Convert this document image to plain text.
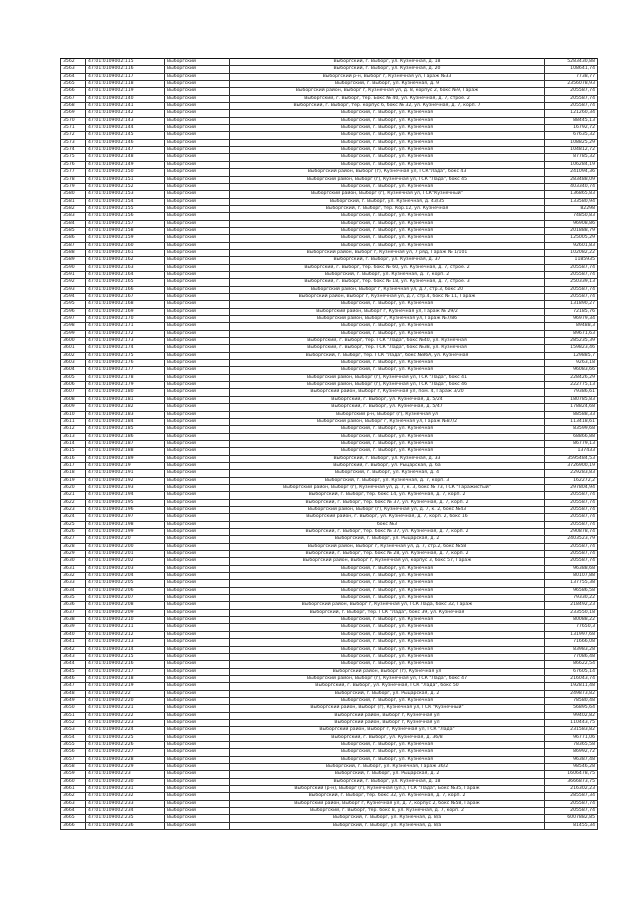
3562	47:01:0109002:115	Выборгский	Выборгский, г. Выборг, ул. Кузнечная, д. 18	5283430,88
3563	47:01:0109002:116	Выборгский	Выборгский, г. Выборг, ул. Кузнечная, д. 20	108641,74
3564	47:01:0109002:117	Выборгский	Выборгский р-н, Выборг г, Кузнечная ул, Гараж №33	7738,77
3565	47:01:0109002:118	Выборгский	Выборгский, г. Выборг, ул. Кузнечная, д. 9	2356078,93
3566	47:01:0109002:119	Выборгский	Выборгский район, Выборг г, Кузнечная ул, д. 8, корпус 2, бокс №9, Гараж	205587,74
3567	47:01:0109002:140	Выборгский	Выборгский, г. Выборг, тер. Бокс № 40, ул. Кузнечная, д. 7, строе. 2	205587,74
3568	47:01:0109002:141	Выборгский	Выборгский, г. Выборг, тер. корпус 6, бокс № 32, ул. Кузнечная, д. 7, корп. 7	205587,74
3569	47:01:0109002:142	Выборгский	Выборгский, г. Выборг, ул. Кузнечная	121260,34
3570	47:01:0109002:143	Выборгский	Выборгский, г. Выборг, ул. Кузнечная	88445,13
3571	47:01:0109002:144	Выборгский	Выборгский, г. Выборг, ул. Кузнечная	16792,72
3572	47:01:0109002:145	Выборгский	Выборгский, г. Выборг, ул. Кузнечная	67635,32
3573	47:01:0109002:146	Выборгский	Выборгский, г. Выборг, ул. Кузнечная	108825,29
3574	47:01:0109002:147	Выборгский	Выборгский, г. Выборг, ул. Кузнечная	104812,72
3575	47:01:0109002:148	Выборгский	Выборгский, г. Выборг, ул. Кузнечная	87785,32
3576	47:01:0109002:149	Выборгский	Выборгский, г. Выборг, ул. Кузнечная	106284,19
3577	47:01:0109002:150	Выборгский	Выборгский район, Выборг (г), Кузнечная ул, ГСК"Лада", бокс 43	241094,36
3578	47:01:0109002:151	Выборгский	Выборгский район, Выборг (г), Кузнечная ул, ГСК "Лада", бокс 45	283488,09
3579	47:01:0109002:152	Выборгский	Выборгский, г. Выборг, ул. Кузнечная	403340,74
3580	47:01:0109002:153	Выборгский	Выборгский район, Выборг (г), Кузнечная ул, ГСК"Кузнечный"	136865,83
3581	47:01:0109002:154	Выборгский	Выборгский, г. Выборг, ул. Кузнечная, д. 43/35	133580,94
3582	47:01:0109002:155	Выборгский	Выборгский, г. Выборг, тер. Кор.12, ул. Кузнечная	82298
3583	47:01:0109002:156	Выборгский	Выборгский, г. Выборг, ул. Кузнечная	74850,83
3584	47:01:0109002:157	Выборгский	Выборгский, г. Выборг, ул. Кузнечная	96908,86
3585	47:01:0109002:158	Выборгский	Выборгский, г. Выборг, ул. Кузнечная	201888,79
3586	47:01:0109002:159	Выборгский	Выборгский, г. Выборг, ул. Кузнечная	125005,29
3587	47:01:0109002:160	Выборгский	Выборгский, г. Выборг, ул. Кузнечная	92601,83
3588	47:01:0109002:161	Выборгский	Выборгский район, Выборг г, Кузнечная ул, 7 ряд, Гараж № 1/101	102082,22
3589	47:01:0109002:162	Выборгский	Выборгский, г. Выборг, ул. Кузнечная, д. 37	1185935
3590	47:01:0109002:163	Выборгский	Выборгский, г. Выборг, тер. бокс № 60, ул. Кузнечная, д. 7, строе. 2	205587,74
3591	47:01:0109002:164	Выборгский	Выборгский, г. Выборг, ул. Кузнечная, д. 7, корп. 2	205587,74
3592	47:01:0109002:165	Выборгский	Выборгский, г. Выборг, тер. бокс № 18, ул. Кузнечная, д. 7, строе. 3	250339,13
3593	47:01:0109002:166	Выборгский	Выборгский район, Выборг г, Кузнечная ул, д.7, стр.3, бокс 20	205587,74
3594	47:01:0109002:167	Выборгский	Выборгский район, Выборг г, Кузнечная ул, д.7, стр.4, бокс № 11, Гараж	205587,74
3595	47:01:0109002:168	Выборгский	Выборгский, г. Выборг, ул. Кузнечная	131890,27
3596	47:01:0109002:169	Выборгский	Выборгский район, Выборг г, Кузнечная ул, Гараж № 29/2	72185,76
3597	47:01:0109002:170	Выборгский	Выборгский район, Выборг г, Кузнечная ул, Гараж №7/86	96979,34
3598	47:01:0109002:171	Выборгский	Выборгский, г. Выборг, ул. Кузнечная	89488,3
3599	47:01:0109002:172	Выборгский	Выборгский, г. Выборг, ул. Кузнечная	89671,63
3600	47:01:0109002:173	Выборгский	Выборгский, г. Выборг, тер. ГСК "Лада", бокс №40, ул. Кузнечная	285235,39
3601	47:01:0109002:174	Выборгский	Выборгский, г. Выборг, тер. ГСК "Лада", бокс №38, ул. Кузнечная	159823,46
3602	47:01:0109002:175	Выборгский	Выборгский, г. Выборг, тер. ГСК "Лада", бокс №86А, ул. Кузнечная	129885,7
3603	47:01:0109002:176	Выборгский	Выборгский, г. Выборг, ул. Кузнечная	9263,18
3604	47:01:0109002:177	Выборгский	Выборгский, г. Выборг, ул. Кузнечная	96083,66
3605	47:01:0109002:178	Выборгский	Выборгский район, Выборг (г), Кузнечная ул, ГСК "Лада", бокс 41	228426,29
3606	47:01:0109002:179	Выборгский	Выборгский район, Выборг (г), Кузнечная ул, ГСК "Лада", бокс 46	222775,13
3607	47:01:0109002:180	Выборгский	Выборгский район, Выборг г, Кузнечная ул, пом. 4, Гараж 3/20	79386,61
3608	47:01:0109002:181	Выборгский	Выборгский, г. Выборг, ул. Кузнечная, д. 5/24	180785,83
3609	47:01:0109002:182	Выборгский	Выборгский, г. Выборг, ул. Кузнечная, д. 5/47	178824,68
3610	47:01:0109002:183	Выборгский	Выборгский р-н, Выборг (г), Кузнечная ул	88588,33
3611	47:01:0109002:184	Выборгский	Выборгский район, Выборг г, Кузнечная ул, Гараж №87/2	113418,61
3612	47:01:0109002:185	Выборгский	Выборгский, г. Выборг, ул. Кузнечная	83599,68
3613	47:01:0109002:186	Выборгский	Выборгский, г. Выборг, ул. Кузнечная	68866,88
3614	47:01:0109002:187	Выборгский	Выборгский, г. Выборг, ул. Кузнечная	86779,13
3615	47:01:0109002:188	Выборгский	Выборгский, г. Выборг, ул. Кузнечная	137433
3616	47:01:0109002:189	Выборгский	Выборгский, г. Выборг, ул. Кузнечная, д. 33	3595484,53
3617	47:01:0109002:19	Выборгский	Выборгский, г. Выборг, ул. Рыцарская, д. 6а	3726900,19
3618	47:01:0109002:191	Выборгский	Выборгский, г. Выборг, ул. Кузнечная, д. 4	229283,83
3619	47:01:0109002:192	Выборгский	Выборгский, г. Выборг, ул. Кузнечная, д. 7, корп. 3	162272,2
3620	47:01:0109002:193	Выборгский	Выборгский район, Выборг (г), Кузнечная ул, д. 7, к. 3, бокс № 73, ГСК "Гаражистый"	297804,94
3621	47:01:0109002:194	Выборгский	Выборгский, г. Выборг, тер. бокс 14, ул. Кузнечная, д. 7, корп. 2	205587,74
3622	47:01:0109002:195	Выборгский	Выборгский, г. Выборг, тер. бокс № 37, ул. Кузнечная, д. 7, корп. 2	205587,74
3623	47:01:0109002:196	Выборгский	Выборгский район, Выборг (г), Кузнечная ул, д. 7, к. 2, бокс №43	205587,74
3624	47:01:0109002:197	Выборгский	Выборгский район, г. Выборг, ул. Кузнечная, д. 7, корп. 2, бокс 16	205587,74
3625	47:01:0109002:198	Выборгский	бокс №3	205587,74
3626	47:01:0109002:199	Выборгский	Выборгский, г. Выборг, тер. бокс № 37, ул. Кузнечная, д. 7, корп. 2	290878,74
3627	47:01:0109002:20	Выборгский	Выборгский, г. Выборг, ул. Рыцарская, д. 2	2403523,79
3628	47:01:0109002:200	Выборгский	Выборгский район, Выборг г, Кузнечная ул, д. 7, стр.2, бокс №58	205587,74
3629	47:01:0109002:201	Выборгский	Выборгский, г. Выборг, тер. бокс № 28, ул. Кузнечная, д. 7, корп. 2	205587,74
3630	47:01:0109002:202	Выборгский	Выборгский район, Выборг г, Кузнечная ул, корпус 3, бокс 57, Гараж	205587,74
3631	47:01:0109002:203	Выборгский	Выборгский, г. Выборг, ул. Кузнечная	96388,68
3632	47:01:0109002:204	Выборгский	Выборгский, г. Выборг, ул. Кузнечная	80107,88
3633	47:01:0109002:205	Выборгский	Выборгский, г. Выборг, ул. Кузнечная	137755,38
3634	47:01:0109002:206	Выборгский	Выборгский, г. Выборг, ул. Кузнечная	96586,58
3635	47:01:0109002:207	Выборгский	Выборгский, г. Выборг, ул. Кузнечная	79330,22
3636	47:01:0109002:208	Выборгский	Выборгский район, Выборг г, Кузнечная ул, ГСК Лада, бокс 32, Гараж	218492,23
3637	47:01:0109002:209	Выборгский	Выборгский, г. Выборг, тер. ГСК "Лада", бокс 39, ул. Кузнечная	233550,18
3638	47:01:0109002:210	Выборгский	Выборгский, г. Выборг, ул. Кузнечная	80088,22
3639	47:01:0109002:211	Выборгский	Выборгский, г. Выборг, ул. Кузнечная	77650,3
3640	47:01:0109002:212	Выборгский	Выборгский, г. Выборг, ул. Кузнечная	131997,68
3641	47:01:0109002:213	Выборгский	Выборгский, г. Выборг, ул. Кузнечная	71666,08
3642	47:01:0109002:214	Выборгский	Выборгский, г. Выборг, ул. Кузнечная	83983,28
3643	47:01:0109002:215	Выборгский	Выборгский, г. Выборг, ул. Кузнечная	77086,48
3644	47:01:0109002:216	Выборгский	Выборгский, г. Выборг, ул. Кузнечная	86622,54
3645	47:01:0109002:217	Выборгский	Выборгский район, Выборг (г), Кузнечная ул	67605,14
3646	47:01:0109002:218	Выборгский	Выборгский район, Выборг (г), Кузнечная ул, ГСК "Лада", бокс 47	216043,74
3647	47:01:0109002:219	Выборгский	Выборгский, г. Выборг, ул. Кузнечная, ГСК "Лада", бокс 50	192811,48
3648	47:01:0109002:22	Выборгский	Выборгский, г. Выборг, ул. Рыцарская, д. 2	249873,82
3649	47:01:0109002:220	Выборгский	Выборгский, г. Выборг, ул. Кузнечная	78580,48
3650	47:01:0109002:221	Выборгский	Выборгский район, Выборг (г), Кузнечная ул, ГСК "Кузнечный"	56895,64
3651	47:01:0109002:222	Выборгский	Выборгский район, Выборг г, Кузнечная ул	99402,82
3652	47:01:0109002:223	Выборгский	Выборгский район, Выборг г, Кузнечная ул	110443,75
3653	47:01:0109002:224	Выборгский	Выборгский район, Выборг г, Кузнечная ул, ГСК "Лада"	231583,82
3654	47:01:0109002:225	Выборгский	Выборгский, г. Выборг, ул. Кузнечная, д. 36/8	96771,06
3655	47:01:0109002:226	Выборгский	Выборгский, г. Выборг, ул. Кузнечная	78365,58
3656	47:01:0109002:227	Выборгский	Выборгский, г. Выборг, ул. Кузнечная	86992,72
3657	47:01:0109002:228	Выборгский	Выборгский, г. Выборг, ул. Кузнечная	96387,48
3658	47:01:0109002:229	Выборгский	Выборгский, г. Выборг, ул. Кузнечная, Гараж 36/2	98546,28
3659	47:01:0109002:23	Выборгский	Выборгский, г. Выборг, ул. Рыцарская, д. 2	1606478,75
3660	47:01:0109002:230	Выборгский	Выборгский, г. Выборг, ул. Кузнечная, д. 18	3666873,75
3661	47:01:0109002:231	Выборгский	Выборгский (р-н), Выборг (г), Кузнечная (ул.), ГСК "Лада", Бокс №35, Гараж	216302,23
3662	47:01:0109002:232	Выборгский	Выборгский, г. Выборг, тер. бокс 32, ул. Кузнечная, д. 7, корп. 2	285587,34
3663	47:01:0109002:233	Выборгский	Выборгский район, Выборг г, Кузнечная ул, д. 7, корпус 2, бокс №58, Гараж	205587,74
3664	47:01:0109002:234	Выборгский	Выборгский, г. Выборг, тер. бокс 8, ул. Кузнечная, д. 7, корп. 2	205587,74
3665	47:01:0109002:235	Выборгский	Выборгский, г. Выборг, ул. Кузнечная, д. 8/а	6007882,85
3666	47:01:0109002:236	Выборгский	Выборгский, г. Выборг, ул. Кузнечная, д. 8/а	81455,34
